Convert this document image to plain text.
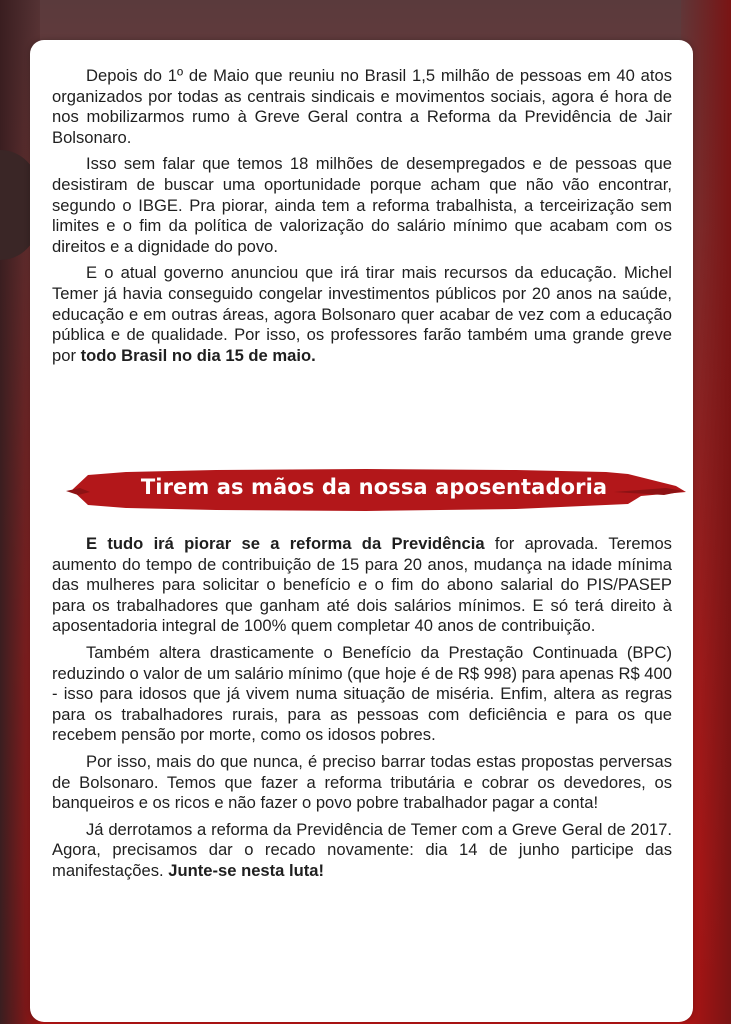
Depois do 1º de Maio que reuniu no Brasil 1,5 milhão de pessoas em 40 atos organizados por todas as centrais sindicais e movimentos sociais, agora é hora de nos mobilizarmos rumo à Greve Geral contra a Reforma da Previdência de Jair Bolsonaro.

Isso sem falar que temos 18 milhões de desempregados e de pessoas que desistiram de buscar uma oportunidade porque acham que não vão encontrar, segundo o IBGE. Pra piorar, ainda tem a reforma trabalhista, a terceirização sem limites e o fim da política de valorização do salário mínimo que acabam com os direitos e a dignidade do povo.

E o atual governo anunciou que irá tirar mais recursos da educação. Michel Temer já havia conseguido congelar investimentos públicos por 20 anos na saúde, educação e em outras áreas, agora Bolsonaro quer acabar de vez com a educação pública e de qualidade. Por isso, os professores farão também uma grande greve por todo Brasil no dia 15 de maio.

Tirem as mãos da nossa aposentadoria

E tudo irá piorar se a reforma da Previdência for aprovada. Teremos aumento do tempo de contribuição de 15 para 20 anos, mudança na idade mínima das mulheres para solicitar o benefício e o fim do abono salarial do PIS/PASEP para os trabalhadores que ganham até dois salários mínimos. E só terá direito à aposentadoria integral de 100% quem completar 40 anos de contribuição.

Também altera drasticamente o Benefício da Prestação Continuada (BPC) reduzindo o valor de um salário mínimo (que hoje é de R$ 998) para apenas R$ 400 - isso para idosos que já vivem numa situação de miséria. Enfim, altera as regras para os trabalhadores rurais, para as pessoas com deficiência e para os que recebem pensão por morte, como os idosos pobres.

Por isso, mais do que nunca, é preciso barrar todas estas propostas perversas de Bolsonaro. Temos que fazer a reforma tributária e cobrar os devedores, os banqueiros e os ricos e não fazer o povo pobre trabalhador pagar a conta!

Já derrotamos a reforma da Previdência de Temer com a Greve Geral de 2017. Agora, precisamos dar o recado novamente: dia 14 de junho participe das manifestações. Junte-se nesta luta!
